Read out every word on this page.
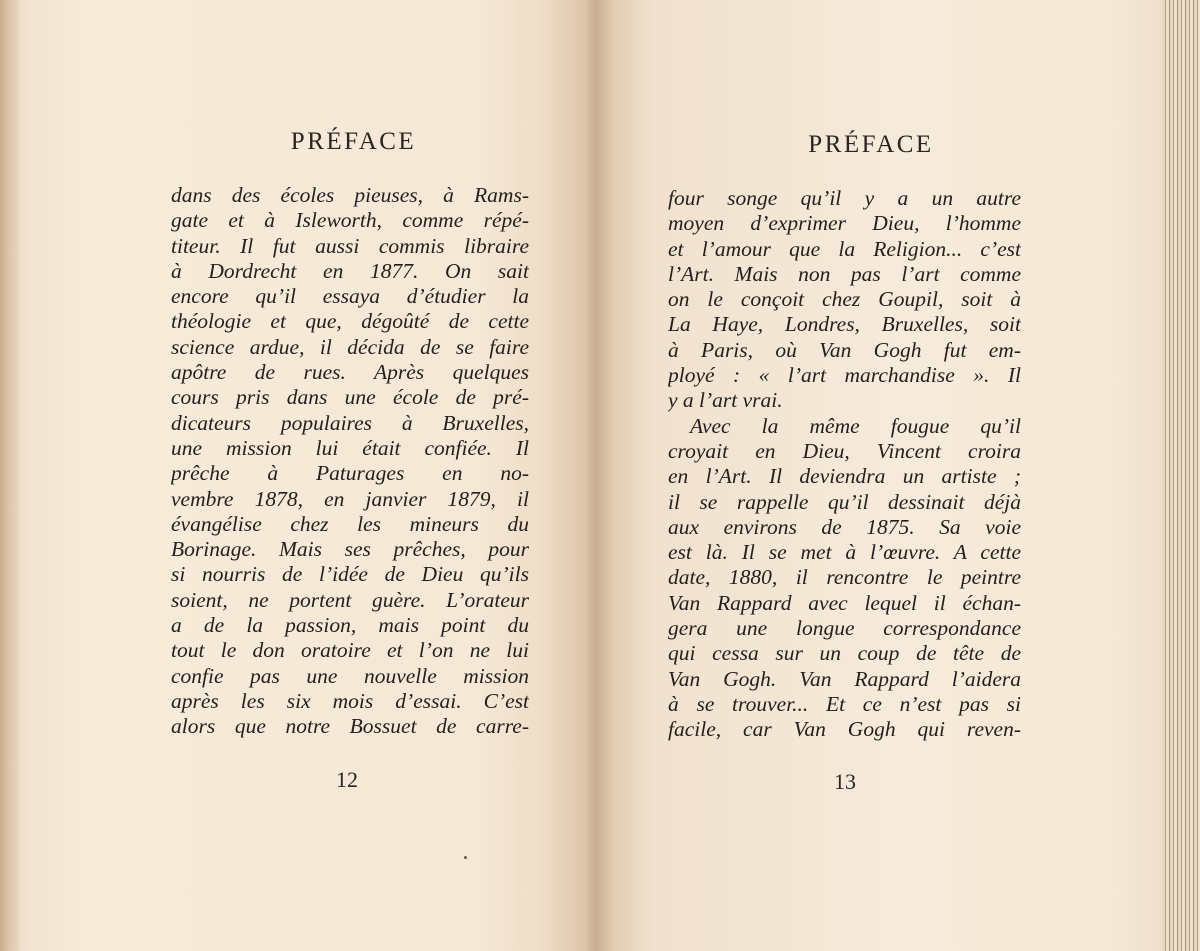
PRÉFACE
dans des écoles pieuses, à Rams-
gate et à Isleworth, comme répé-
titeur. Il fut aussi commis libraire
à Dordrecht en 1877. On sait
encore qu’il essaya d’étudier la
théologie et que, dégoûté de cette
science ardue, il décida de se faire
apôtre de rues. Après quelques
cours pris dans une école de pré-
dicateurs populaires à Bruxelles,
une mission lui était confiée. Il
prêche à Paturages en no-
vembre 1878, en janvier 1879, il
évangélise chez les mineurs du
Borinage. Mais ses prêches, pour
si nourris de l’idée de Dieu qu’ils
soient, ne portent guère. L’orateur
a de la passion, mais point du
tout le don oratoire et l’on ne lui
confie pas une nouvelle mission
après les six mois d’essai. C’est
alors que notre Bossuet de carre-
12
PRÉFACE
four songe qu’il y a un autre
moyen d’exprimer Dieu, l’homme
et l’amour que la Religion... c’est
l’Art. Mais non pas l’art comme
on le conçoit chez Goupil, soit à
La Haye, Londres, Bruxelles, soit
à Paris, où Van Gogh fut em-
ployé : « l’art marchandise ». Il
y a l’art vrai.
Avec la même fougue qu’il
croyait en Dieu, Vincent croira
en l’Art. Il deviendra un artiste ;
il se rappelle qu’il dessinait déjà
aux environs de 1875. Sa voie
est là. Il se met à l’œuvre. A cette
date, 1880, il rencontre le peintre
Van Rappard avec lequel il échan-
gera une longue correspondance
qui cessa sur un coup de tête de
Van Gogh. Van Rappard l’aidera
à se trouver... Et ce n’est pas si
facile, car Van Gogh qui reven-
13
